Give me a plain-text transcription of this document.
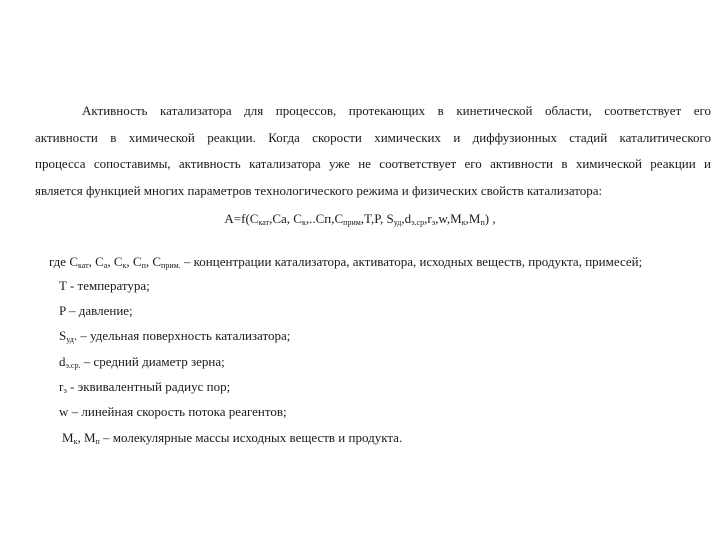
Активность катализатора для процессов, протекающих в кинетической области, соответствует его
активности в химической реакции. Когда скорости химических и диффузионных стадий каталитического
процесса сопоставимы, активность катализатора уже не соответствует его активности в химической реакции и
является функцией многих параметров технологического режима и физических свойств катализатора:
$A=f(C_{кат},Ca$, $C_к,..Cп,C_{прим},T,P$, $S_{уд},d_{э.ср},r_э,w,M_к,M_п$) ,
где $C_{кат}$, $C_а$, $C_к$, $C_п$, $C_{прим.}$ – концентрации катализатора, активатора, исходных веществ, продукта, примесей;
T - температура;
P – давление;
$S_{уд}$. – удельная поверхность катализатора;
$d_{э.ср.}$ – средний диаметр зерна;
$r_э$ - эквивалентный радиус пор;
w – линейная скорость потока реагентов;
$M_к$, $M_п$ – молекулярные массы исходных веществ и продукта.
